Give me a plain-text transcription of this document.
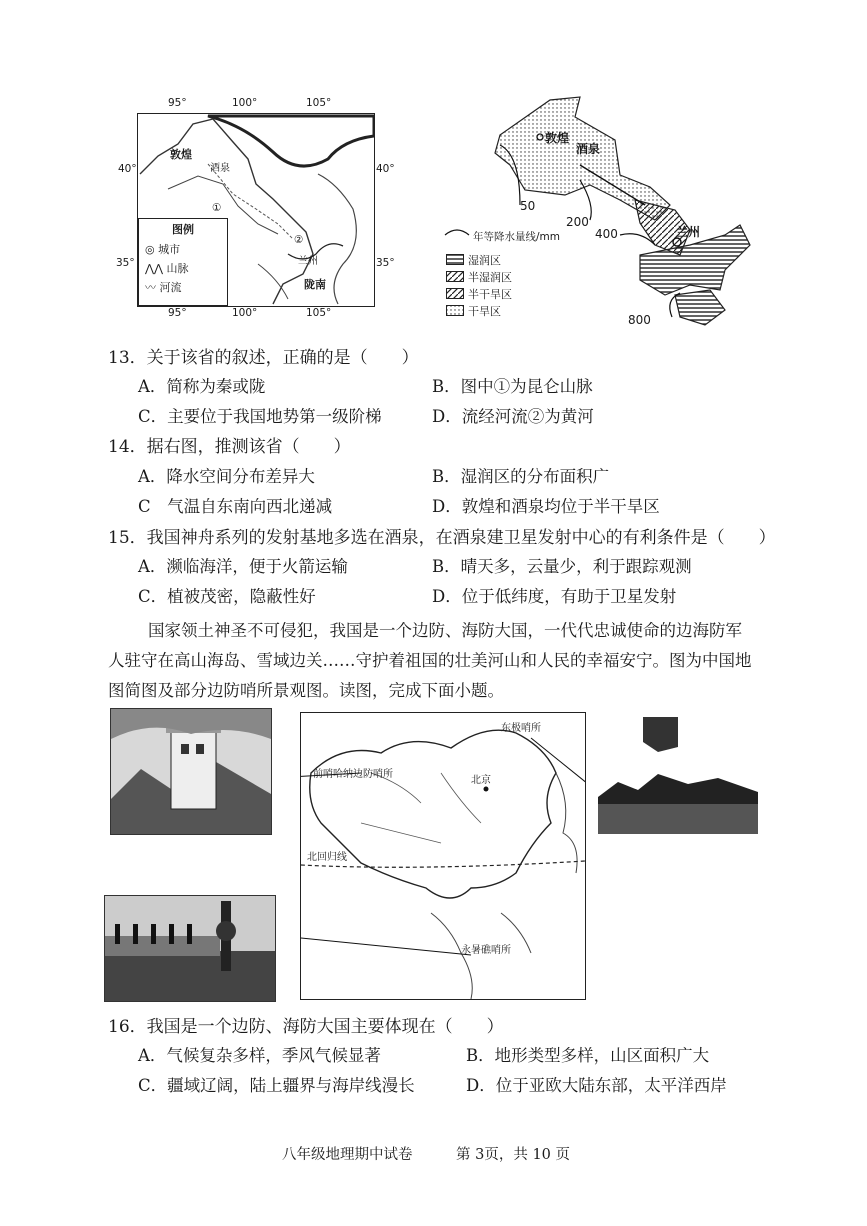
95°	100°	105°
敦煌
酒泉
①
②
兰州
陇南
图例
◎ 城市
⋀⋀ 山脉
〰 河流
40°
35°
40°
35°
95°	100°	105°
敦煌
酒泉
兰州
50
200
400
800
年等降水量线/mm
湿润区
半湿润区
半干旱区
干旱区
13．关于该省的叙述，正确的是（　　）
A．简称为秦或陇	B．图中①为昆仑山脉
C．主要位于我国地势第一级阶梯	D．流经河流②为黄河
14．据右图，推测该省（　　）
A．降水空间分布差异大	B．湿润区的分布面积广
C　气温自东南向西北递减	D．敦煌和酒泉均位于半干旱区
15．我国神舟系列的发射基地多选在酒泉，在酒泉建卫星发射中心的有利条件是（　　）
A．濒临海洋，便于火箭运输	B．晴天多，云量少，利于跟踪观测
C．植被茂密，隐蔽性好	D．位于低纬度，有助于卫星发射
国家领土神圣不可侵犯，我国是一个边防、海防大国，一代代忠诚使命的边海防军
人驻守在高山海岛、雪域边关……守护着祖国的壮美河山和人民的幸福安宁。图为中国地
图简图及部分边防哨所景观图。读图，完成下面小题。
前哨哈纳边防哨所
东极哨所
北京
北回归线
永暑礁哨所
16．我国是一个边防、海防大国主要体现在（　　）
A．气候复杂多样，季风气候显著	B．地形类型多样，山区面积广大
C．疆域辽阔，陆上疆界与海岸线漫长	D．位于亚欧大陆东部，太平洋西岸
八年级地理期中试卷	第 3页，共 10 页
